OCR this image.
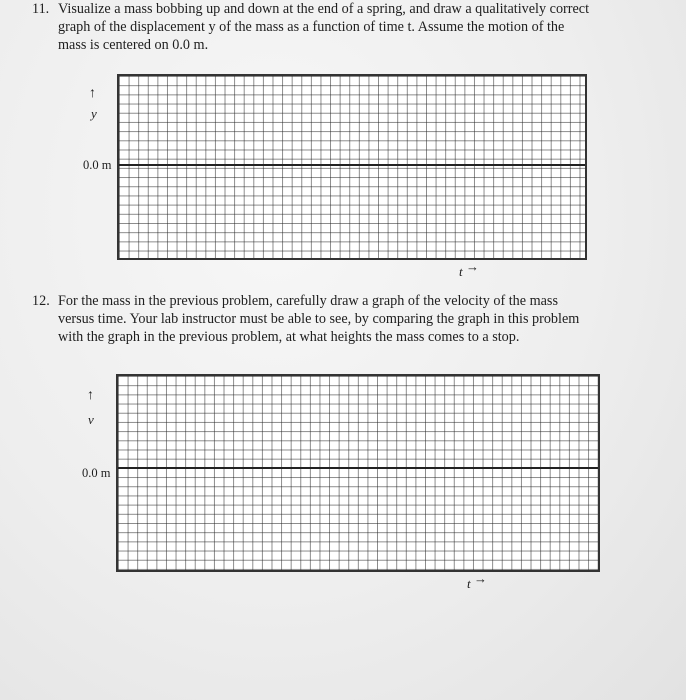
11. Visualize a mass bobbing up and down at the end of a spring, and draw a qualitatively correct
graph of the displacement y of the mass as a function of time t. Assume the motion of the
mass is centered on 0.0 m.
↑
y
0.0 m
t →
12. For the mass in the previous problem, carefully draw a graph of the velocity of the mass
versus time. Your lab instructor must be able to see, by comparing the graph in this problem
with the graph in the previous problem, at what heights the mass comes to a stop.
↑
v
0.0 m
t →
